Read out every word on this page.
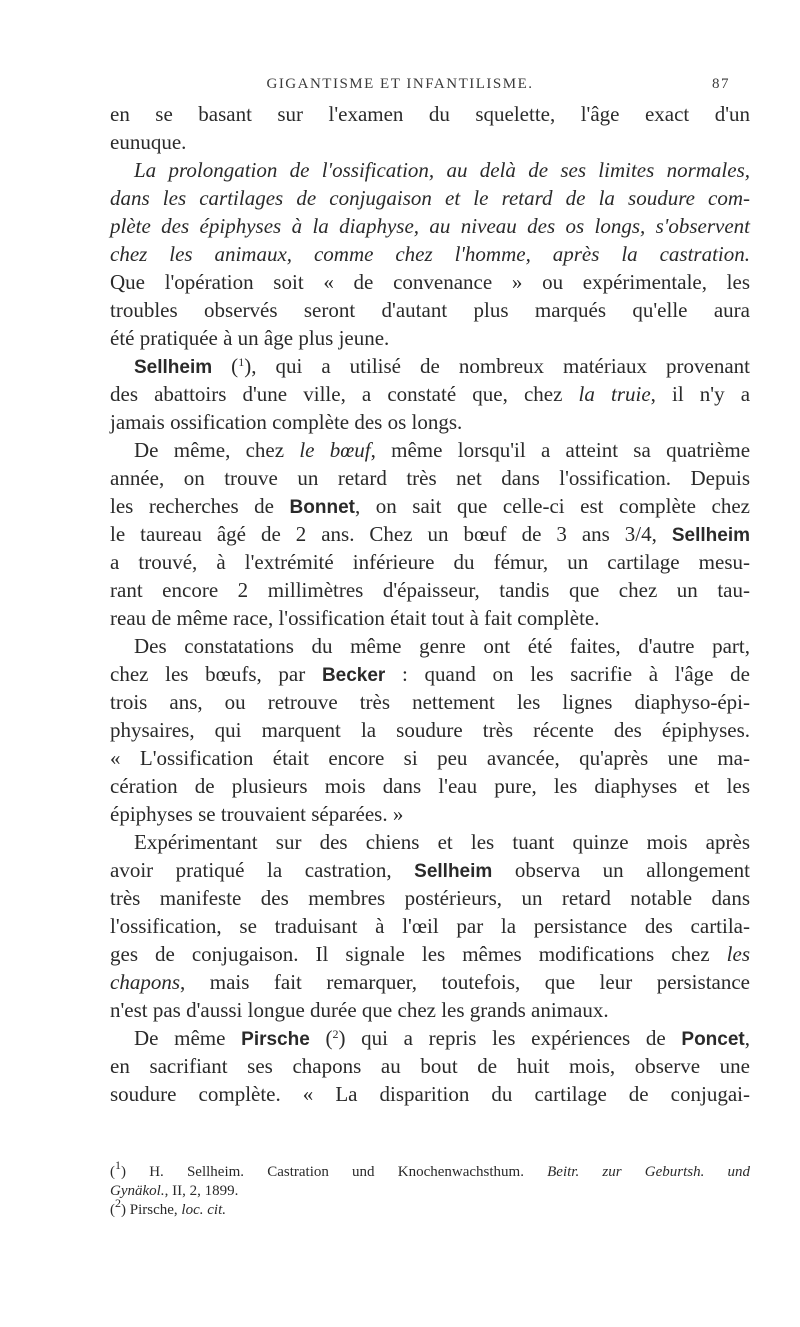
GIGANTISME ET INFANTILISME.	87
en se basant sur l'examen du squelette, l'âge exact d'un
eunuque.
La prolongation de l'ossification, au delà de ses limites normales,
dans les cartilages de conjugaison et le retard de la soudure com-
plète des épiphyses à la diaphyse, au niveau des os longs, s'observent
chez les animaux, comme chez l'homme, après la castration.
Que l'opération soit « de convenance » ou expérimentale, les
troubles observés seront d'autant plus marqués qu'elle aura
été pratiquée à un âge plus jeune.
Sellheim ($^1$), qui a utilisé de nombreux matériaux provenant
des abattoirs d'une ville, a constaté que, chez la truie, il n'y a
jamais ossification complète des os longs.
De même, chez le bœuf, même lorsqu'il a atteint sa quatrième
année, on trouve un retard très net dans l'ossification. Depuis
les recherches de Bonnet, on sait que celle-ci est complète chez
le taureau âgé de 2 ans. Chez un bœuf de 3 ans 3/4, Sellheim
a trouvé, à l'extrémité inférieure du fémur, un cartilage mesu-
rant encore 2 millimètres d'épaisseur, tandis que chez un tau-
reau de même race, l'ossification était tout à fait complète.
Des constatations du même genre ont été faites, d'autre part,
chez les bœufs, par Becker : quand on les sacrifie à l'âge de
trois ans, ou retrouve très nettement les lignes diaphyso-épi-
physaires, qui marquent la soudure très récente des épiphyses.
« L'ossification était encore si peu avancée, qu'après une ma-
cération de plusieurs mois dans l'eau pure, les diaphyses et les
épiphyses se trouvaient séparées. »
Expérimentant sur des chiens et les tuant quinze mois après
avoir pratiqué la castration, Sellheim observa un allongement
très manifeste des membres postérieurs, un retard notable dans
l'ossification, se traduisant à l'œil par la persistance des cartila-
ges de conjugaison. Il signale les mêmes modifications chez les
chapons, mais fait remarquer, toutefois, que leur persistance
n'est pas d'aussi longue durée que chez les grands animaux.
De même Pirsche ($^2$) qui a repris les expériences de Poncet,
en sacrifiant ses chapons au bout de huit mois, observe une
soudure complète. « La disparition du cartilage de conjugai-
($^1$) H. Sellheim. Castration und Knochenwachsthum. Beitr. zur Geburtsh. und
Gynäkol., II, 2, 1899.
($^2$) Pirsche, loc. cit.
